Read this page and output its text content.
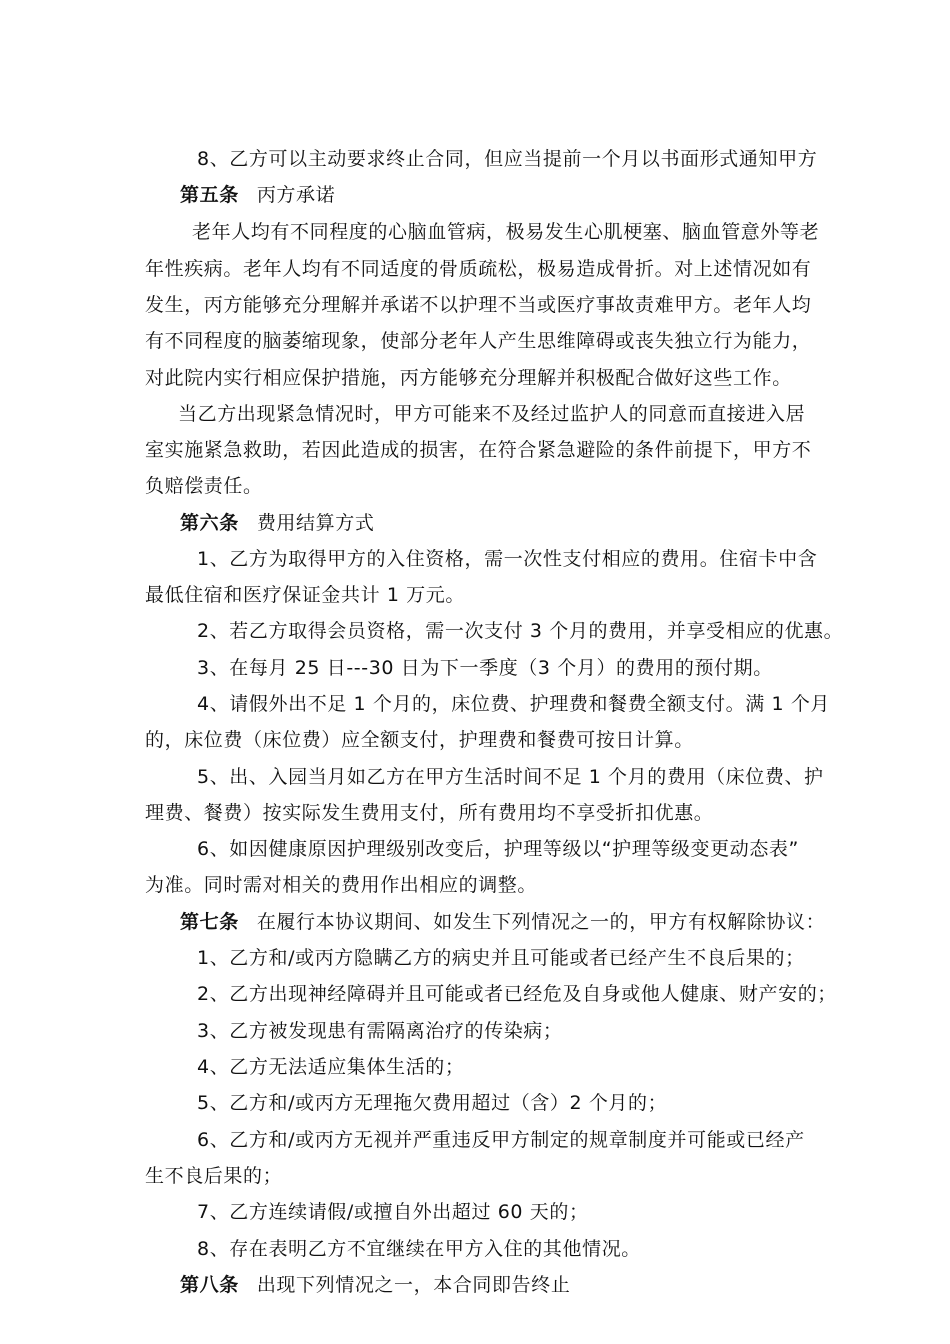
8、乙方可以主动要求终止合同，但应当提前一个月以书面形式通知甲方
第五条 丙方承诺
老年人均有不同程度的心脑血管病，极易发生心肌梗塞、脑血管意外等老
年性疾病。老年人均有不同适度的骨质疏松，极易造成骨折。对上述情况如有
发生，丙方能够充分理解并承诺不以护理不当或医疗事故责难甲方。老年人均
有不同程度的脑萎缩现象，使部分老年人产生思维障碍或丧失独立行为能力，
对此院内实行相应保护措施，丙方能够充分理解并积极配合做好这些工作。
当乙方出现紧急情况时，甲方可能来不及经过监护人的同意而直接进入居
室实施紧急救助，若因此造成的损害，在符合紧急避险的条件前提下，甲方不
负赔偿责任。
第六条 费用结算方式
1、乙方为取得甲方的入住资格，需一次性支付相应的费用。住宿卡中含
最低住宿和医疗保证金共计 1 万元。
2、若乙方取得会员资格，需一次支付 3 个月的费用，并享受相应的优惠。
3、在每月 25 日---30 日为下一季度（3 个月）的费用的预付期。
4、请假外出不足 1 个月的，床位费、护理费和餐费全额支付。满 1 个月
的，床位费（床位费）应全额支付，护理费和餐费可按日计算。
5、出、入园当月如乙方在甲方生活时间不足 1 个月的费用（床位费、护
理费、餐费）按实际发生费用支付，所有费用均不享受折扣优惠。
6、如因健康原因护理级别改变后，护理等级以“护理等级变更动态表”
为准。同时需对相关的费用作出相应的调整。
第七条 在履行本协议期间、如发生下列情况之一的，甲方有权解除协议：
1、乙方和/或丙方隐瞒乙方的病史并且可能或者已经产生不良后果的；
2、乙方出现神经障碍并且可能或者已经危及自身或他人健康、财产安的；
3、乙方被发现患有需隔离治疗的传染病；
4、乙方无法适应集体生活的；
5、乙方和/或丙方无理拖欠费用超过（含）2 个月的；
6、乙方和/或丙方无视并严重违反甲方制定的规章制度并可能或已经产
生不良后果的；
7、乙方连续请假/或擅自外出超过 60 天的；
8、存在表明乙方不宜继续在甲方入住的其他情况。
第八条 出现下列情况之一，本合同即告终止
